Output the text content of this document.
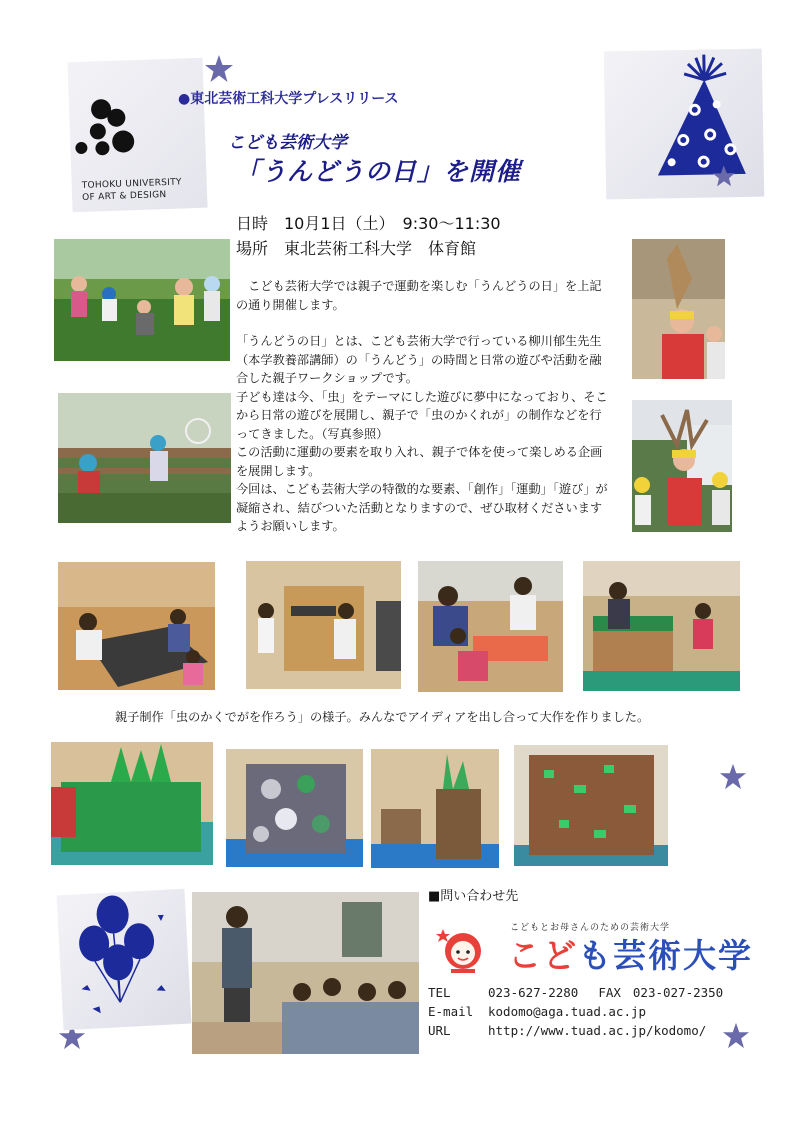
TOHOKU UNIVERSITY
OF ART & DESIGN
●東北芸術工科大学プレスリリース
こども芸術大学
「うんどうの日」を開催
日時　10月1日（土）　9:30〜11:30
場所　東北芸術工科大学　体育館

　こども芸術大学では親子で運動を楽しむ「うんどうの日」を上記の通り開催します。

「うんどうの日」とは、こども芸術大学で行っている柳川郁生先生（本学教養部講師）の「うんどう」の時間と日常の遊びや活動を融合した親子ワークショップです。

子ども達は今、「虫」をテーマにした遊びに夢中になっており、そこから日常の遊びを展開し、親子で「虫のかくれが」の制作などを行ってきました。（写真参照）

この活動に運動の要素を取り入れ、親子で体を使って楽しめる企画を展開します。

今回は、こども芸術大学の特徴的な要素、「創作」「運動」「遊び」が凝縮され、結びついた活動となりますので、ぜひ取材くださいますようお願いします。

親子制作「虫のかくでがを作ろう」の様子。みんなでアイディアを出し合って大作を作りました。
■問い合わせ先
こどもとお母さんのための芸術大学
こども芸術大学
TEL	023-627-2280 FAX 023-027-2350
E-mail kodomo@aga.tuad.ac.jp
URL	http://www.tuad.ac.jp/kodomo/
